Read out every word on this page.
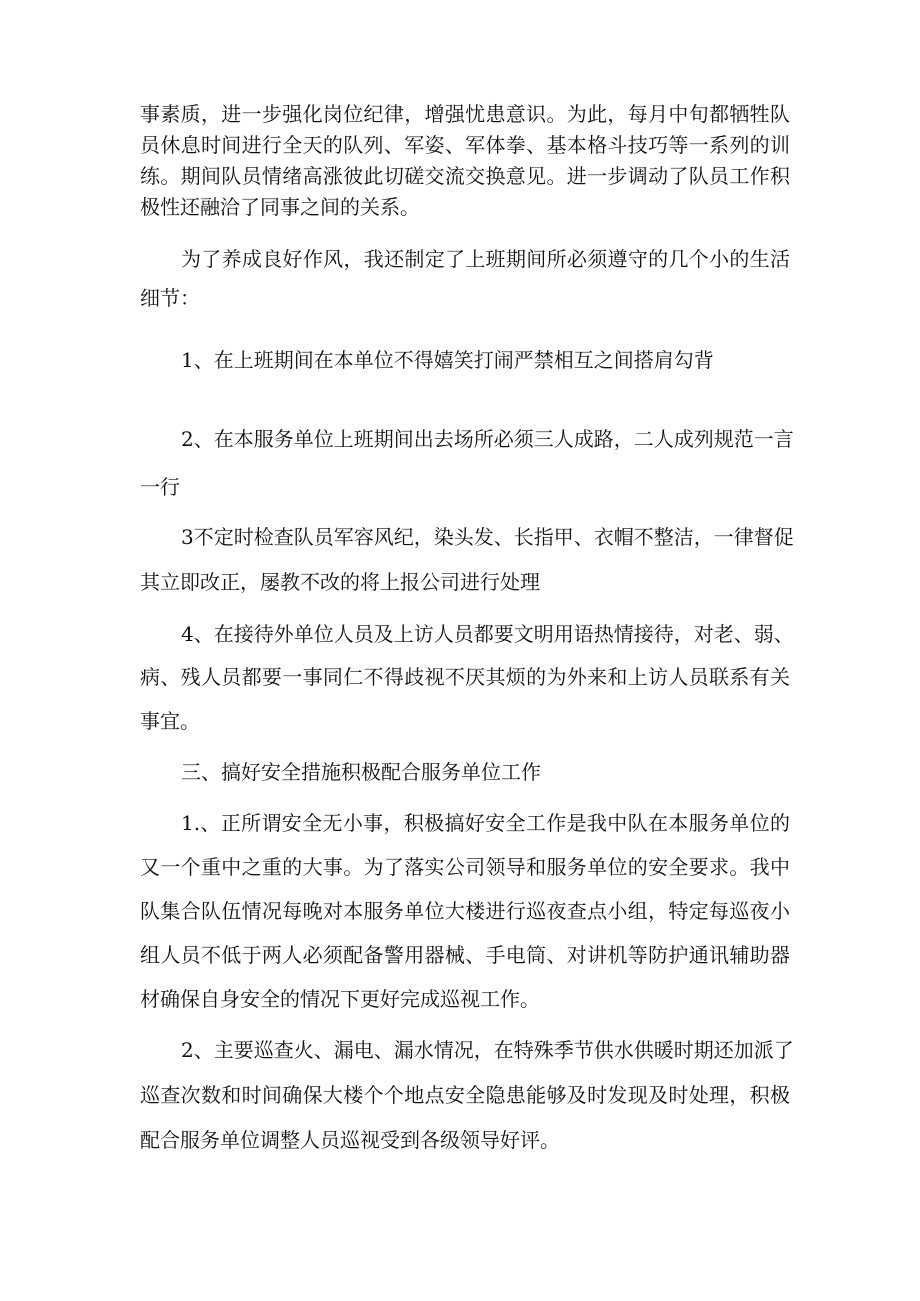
事素质，进一步强化岗位纪律，增强忧患意识。为此，每月中旬都牺牲队
员休息时间进行全天的队列、军姿、军体拳、基本格斗技巧等一系列的训
练。期间队员情绪高涨彼此切磋交流交换意见。进一步调动了队员工作积
极性还融洽了同事之间的关系。
为了养成良好作风，我还制定了上班期间所必须遵守的几个小的生活
细节：
1、在上班期间在本单位不得嬉笑打闹严禁相互之间搭肩勾背
2、在本服务单位上班期间出去场所必须三人成路，二人成列规范一言
一行
3不定时检查队员军容风纪，染头发、长指甲、衣帽不整洁，一律督促
其立即改正，屡教不改的将上报公司进行处理
4、在接待外单位人员及上访人员都要文明用语热情接待，对老、弱、
病、残人员都要一事同仁不得歧视不厌其烦的为外来和上访人员联系有关
事宜。
三、搞好安全措施积极配合服务单位工作
1.、正所谓安全无小事，积极搞好安全工作是我中队在本服务单位的
又一个重中之重的大事。为了落实公司领导和服务单位的安全要求。我中
队集合队伍情况每晚对本服务单位大楼进行巡夜查点小组，特定每巡夜小
组人员不低于两人必须配备警用器械、手电筒、对讲机等防护通讯辅助器
材确保自身安全的情况下更好完成巡视工作。
2、主要巡查火、漏电、漏水情况，在特殊季节供水供暖时期还加派了
巡查次数和时间确保大楼个个地点安全隐患能够及时发现及时处理，积极
配合服务单位调整人员巡视受到各级领导好评。
